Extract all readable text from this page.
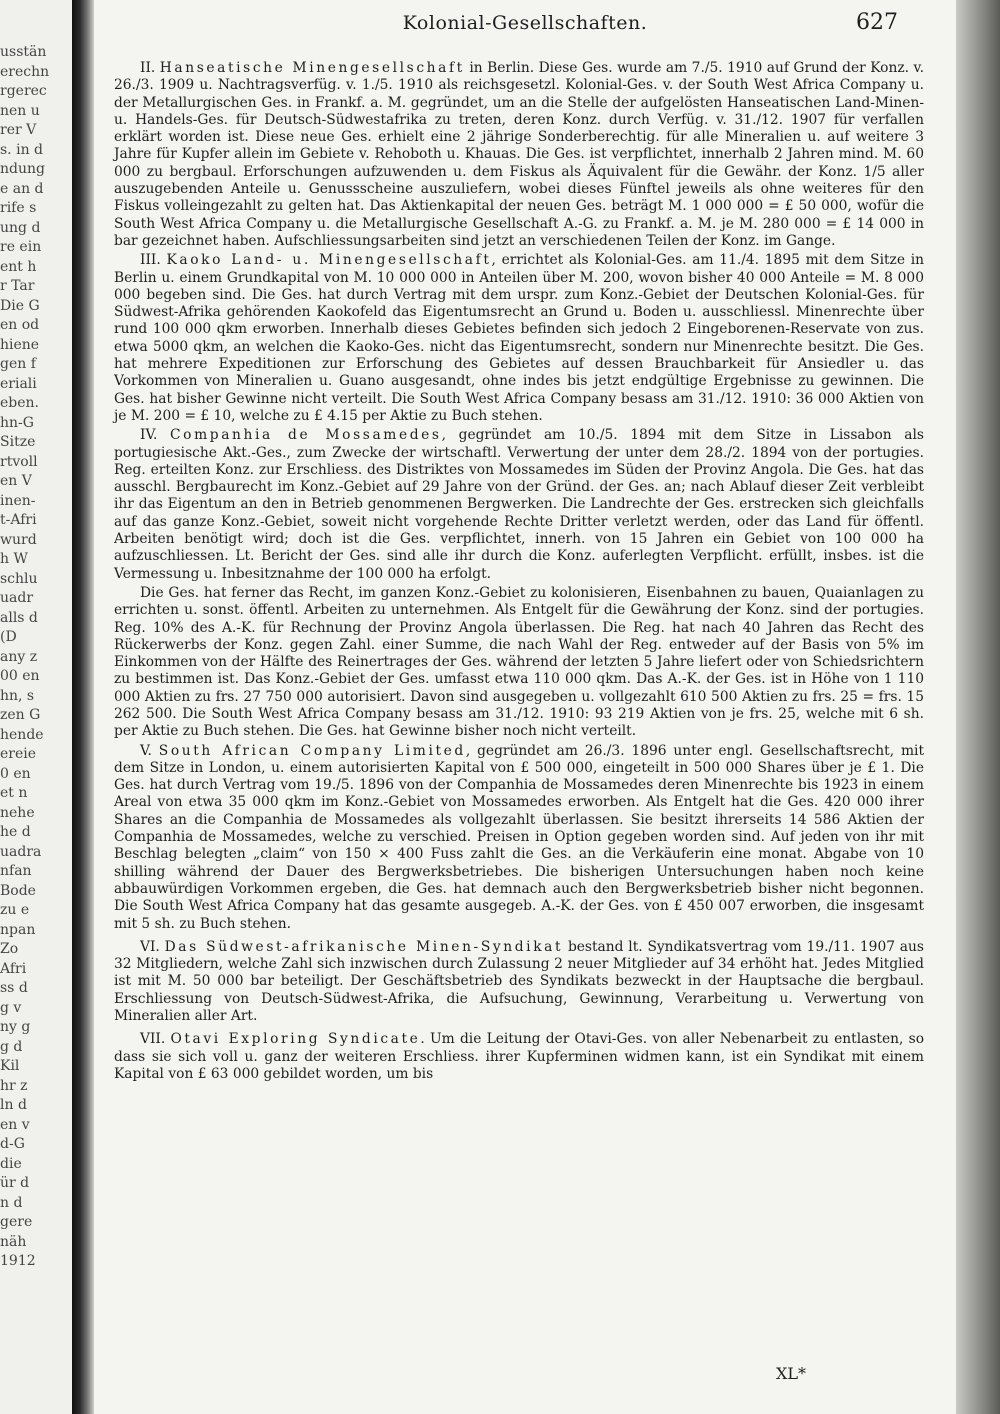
usstän
erechn
rgerec
nen u
rer V
s. in d
ndung
e an d
rife s
ung d
re ein
ent h
r Tar
Die G
en od
hiene
gen f
eriali
eben.
hn-G
Sitze
rtvoll
en V
inen-
t-Afri
wurd
h W
schlu
uadr
alls d
(D
any z
00 en
hn, s
zen G
hende
ereie
0 en
et n
nehe
he d
uadra
nfan
Bode
zu e
npan
Zo
Afri
ss d
g v
ny g
g d
Kil
hr z
ln d
en v
d-G
die
ür d
n d
gere
näh
1912
Kolonial-Gesellschaften.	627

II. Hanseatische Minengesellschaft in Berlin. Diese Ges. wurde am 7./5. 1910 auf Grund der Konz. v. 26./3. 1909 u. Nachtragsverfüg. v. 1./5. 1910 als reichsgesetzl. Kolonial-Ges. v. der South West Africa Company u. der Metallurgischen Ges. in Frankf. a. M. gegründet, um an die Stelle der aufgelösten Hanseatischen Land-Minen- u. Handels-Ges. für Deutsch-Südwestafrika zu treten, deren Konz. durch Verfüg. v. 31./12. 1907 für verfallen erklärt worden ist. Diese neue Ges. erhielt eine 2 jährige Sonderberechtig. für alle Mineralien u. auf weitere 3 Jahre für Kupfer allein im Gebiete v. Rehoboth u. Khauas. Die Ges. ist verpflichtet, innerhalb 2 Jahren mind. M. 60 000 zu bergbaul. Erforschungen aufzuwenden u. dem Fiskus als Äquivalent für die Gewähr. der Konz. 1/5 aller auszugebenden Anteile u. Genussscheine auszuliefern, wobei dieses Fünftel jeweils als ohne weiteres für den Fiskus volleingezahlt zu gelten hat. Das Aktienkapital der neuen Ges. beträgt M. 1 000 000 = £ 50 000, wofür die South West Africa Company u. die Metallurgische Gesellschaft A.-G. zu Frankf. a. M. je M. 280 000 = £ 14 000 in bar gezeichnet haben. Aufschliessungsarbeiten sind jetzt an verschiedenen Teilen der Konz. im Gange.

III. Kaoko Land- u. Minengesellschaft, errichtet als Kolonial-Ges. am 11./4. 1895 mit dem Sitze in Berlin u. einem Grundkapital von M. 10 000 000 in Anteilen über M. 200, wovon bisher 40 000 Anteile = M. 8 000 000 begeben sind. Die Ges. hat durch Vertrag mit dem urspr. zum Konz.-Gebiet der Deutschen Kolonial-Ges. für Südwest-Afrika gehörenden Kaokofeld das Eigentumsrecht an Grund u. Boden u. ausschliessl. Minenrechte über rund 100 000 qkm erworben. Innerhalb dieses Gebietes befinden sich jedoch 2 Eingeborenen-Reservate von zus. etwa 5000 qkm, an welchen die Kaoko-Ges. nicht das Eigentumsrecht, sondern nur Minenrechte besitzt. Die Ges. hat mehrere Expeditionen zur Erforschung des Gebietes auf dessen Brauchbarkeit für Ansiedler u. das Vorkommen von Mineralien u. Guano ausgesandt, ohne indes bis jetzt endgültige Ergebnisse zu gewinnen. Die Ges. hat bisher Gewinne nicht verteilt. Die South West Africa Company besass am 31./12. 1910: 36 000 Aktien von je M. 200 = £ 10, welche zu £ 4.15 per Aktie zu Buch stehen.

IV. Companhia de Mossamedes, gegründet am 10./5. 1894 mit dem Sitze in Lissabon als portugiesische Akt.-Ges., zum Zwecke der wirtschaftl. Verwertung der unter dem 28./2. 1894 von der portugies. Reg. erteilten Konz. zur Erschliess. des Distriktes von Mossamedes im Süden der Provinz Angola. Die Ges. hat das ausschl. Bergbaurecht im Konz.-Gebiet auf 29 Jahre von der Gründ. der Ges. an; nach Ablauf dieser Zeit verbleibt ihr das Eigentum an den in Betrieb genommenen Bergwerken. Die Landrechte der Ges. erstrecken sich gleichfalls auf das ganze Konz.-Gebiet, soweit nicht vorgehende Rechte Dritter verletzt werden, oder das Land für öffentl. Arbeiten benötigt wird; doch ist die Ges. verpflichtet, innerh. von 15 Jahren ein Gebiet von 100 000 ha aufzuschliessen. Lt. Bericht der Ges. sind alle ihr durch die Konz. auferlegten Verpflicht. erfüllt, insbes. ist die Vermessung u. Inbesitznahme der 100 000 ha erfolgt.

Die Ges. hat ferner das Recht, im ganzen Konz.-Gebiet zu kolonisieren, Eisenbahnen zu bauen, Quaianlagen zu errichten u. sonst. öffentl. Arbeiten zu unternehmen. Als Entgelt für die Gewährung der Konz. sind der portugies. Reg. 10% des A.-K. für Rechnung der Provinz Angola überlassen. Die Reg. hat nach 40 Jahren das Recht des Rückerwerbs der Konz. gegen Zahl. einer Summe, die nach Wahl der Reg. entweder auf der Basis von 5% im Einkommen von der Hälfte des Reinertrages der Ges. während der letzten 5 Jahre liefert oder von Schiedsrichtern zu bestimmen ist. Das Konz.-Gebiet der Ges. umfasst etwa 110 000 qkm. Das A.-K. der Ges. ist in Höhe von 1 110 000 Aktien zu frs. 27 750 000 autorisiert. Davon sind ausgegeben u. vollgezahlt 610 500 Aktien zu frs. 25 = frs. 15 262 500. Die South West Africa Company besass am 31./12. 1910: 93 219 Aktien von je frs. 25, welche mit 6 sh. per Aktie zu Buch stehen. Die Ges. hat Gewinne bisher noch nicht verteilt.

V. South African Company Limited, gegründet am 26./3. 1896 unter engl. Gesellschaftsrecht, mit dem Sitze in London, u. einem autorisierten Kapital von £ 500 000, eingeteilt in 500 000 Shares über je £ 1. Die Ges. hat durch Vertrag vom 19./5. 1896 von der Companhia de Mossamedes deren Minenrechte bis 1923 in einem Areal von etwa 35 000 qkm im Konz.-Gebiet von Mossamedes erworben. Als Entgelt hat die Ges. 420 000 ihrer Shares an die Companhia de Mossamedes als vollgezahlt überlassen. Sie besitzt ihrerseits 14 586 Aktien der Companhia de Mossamedes, welche zu verschied. Preisen in Option gegeben worden sind. Auf jeden von ihr mit Beschlag belegten „claim“ von 150 × 400 Fuss zahlt die Ges. an die Verkäuferin eine monat. Abgabe von 10 shilling während der Dauer des Bergwerksbetriebes. Die bisherigen Untersuchungen haben noch keine abbauwürdigen Vorkommen ergeben, die Ges. hat demnach auch den Bergwerksbetrieb bisher nicht begonnen. Die South West Africa Company hat das gesamte ausgegeb. A.-K. der Ges. von £ 450 007 erworben, die insgesamt mit 5 sh. zu Buch stehen.

VI. Das Südwest-afrikanische Minen-Syndikat bestand lt. Syndikatsvertrag vom 19./11. 1907 aus 32 Mitgliedern, welche Zahl sich inzwischen durch Zulassung 2 neuer Mitglieder auf 34 erhöht hat. Jedes Mitglied ist mit M. 50 000 bar beteiligt. Der Geschäftsbetrieb des Syndikats bezweckt in der Hauptsache die bergbaul. Erschliessung von Deutsch-Südwest-Afrika, die Aufsuchung, Gewinnung, Verarbeitung u. Verwertung von Mineralien aller Art.

VII. Otavi Exploring Syndicate. Um die Leitung der Otavi-Ges. von aller Nebenarbeit zu entlasten, so dass sie sich voll u. ganz der weiteren Erschliess. ihrer Kupferminen widmen kann, ist ein Syndikat mit einem Kapital von £ 63 000 gebildet worden, um bis

XL*
